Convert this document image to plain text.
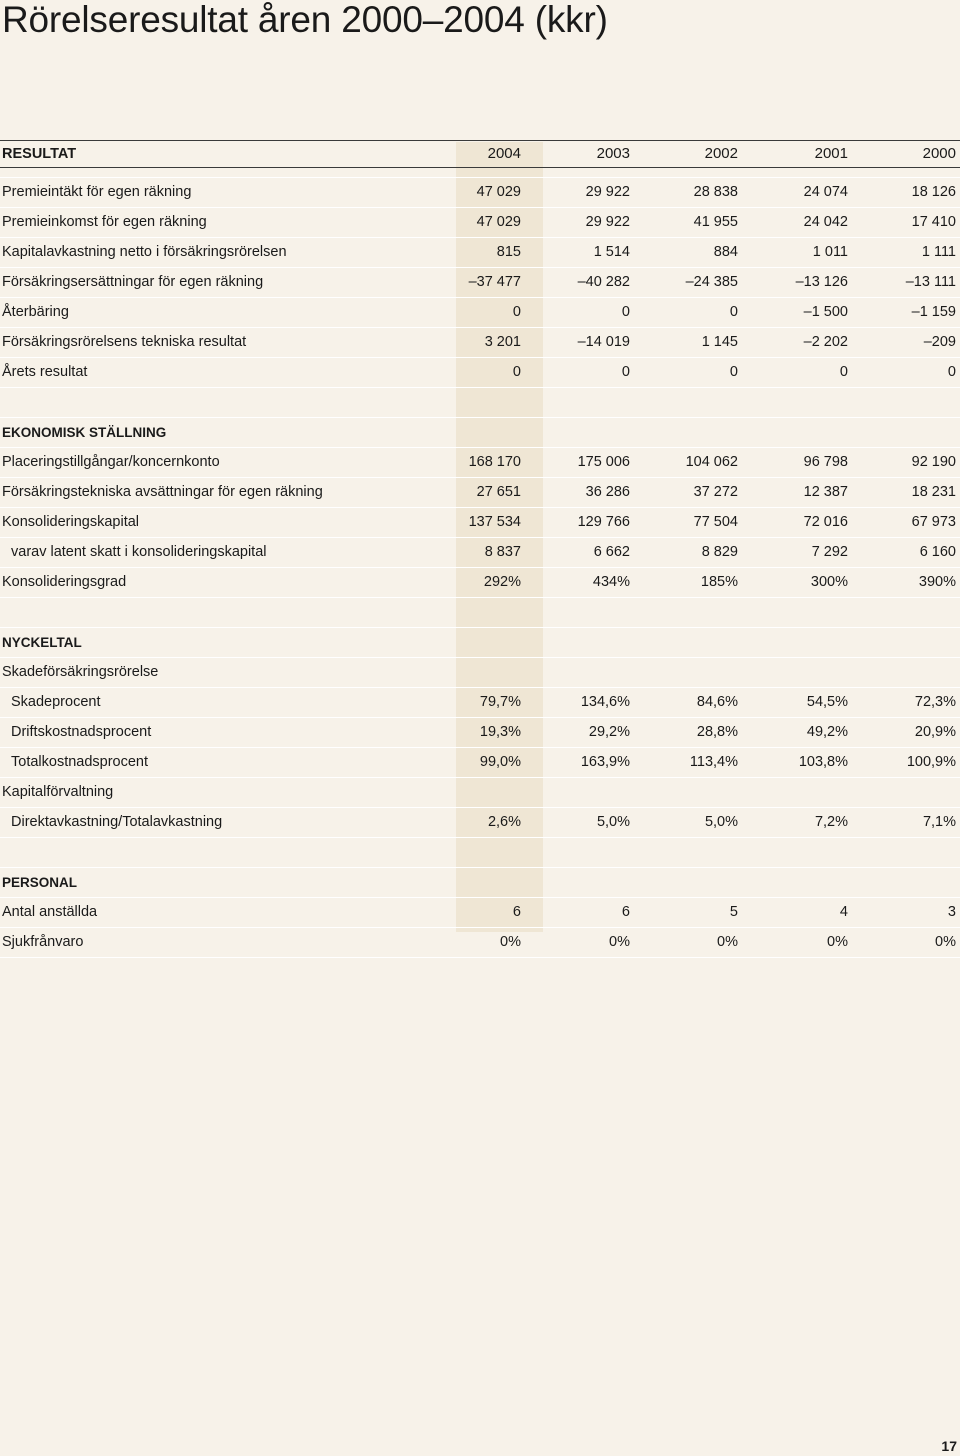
Rörelseresultat åren 2000–2004 (kkr)
RESULTAT	2004	2003	2002	2001	2000
Premieintäkt för egen räkning	47 029	29 922	28 838	24 074	18 126
Premieinkomst för egen räkning	47 029	29 922	41 955	24 042	17 410
Kapitalavkastning netto i försäkringsrörelsen	815	1 514	884	1 011	1 111
Försäkringsersättningar för egen räkning	–37 477	–40 282	–24 385	–13 126	–13 111
Återbäring	0	0	0	–1 500	–1 159
Försäkringsrörelsens tekniska resultat	3 201	–14 019	1 145	–2 202	–209
Årets resultat	0	0	0	0	0
EKONOMISK STÄLLNING
Placeringstillgångar/koncernkonto	168 170	175 006	104 062	96 798	92 190
Försäkringstekniska avsättningar för egen räkning	27 651	36 286	37 272	12 387	18 231
Konsolideringskapital	137 534	129 766	77 504	72 016	67 973
varav latent skatt i konsolideringskapital	8 837	6 662	8 829	7 292	6 160
Konsolideringsgrad	292%	434%	185%	300%	390%
NYCKELTAL
Skadeförsäkringsrörelse
Skadeprocent	79,7%	134,6%	84,6%	54,5%	72,3%
Driftskostnadsprocent	19,3%	29,2%	28,8%	49,2%	20,9%
Totalkostnadsprocent	99,0%	163,9%	113,4%	103,8%	100,9%
Kapitalförvaltning
Direktavkastning/Totalavkastning	2,6%	5,0%	5,0%	7,2%	7,1%
PERSONAL
Antal anställda	6	6	5	4	3
Sjukfrånvaro	0%	0%	0%	0%	0%
17
